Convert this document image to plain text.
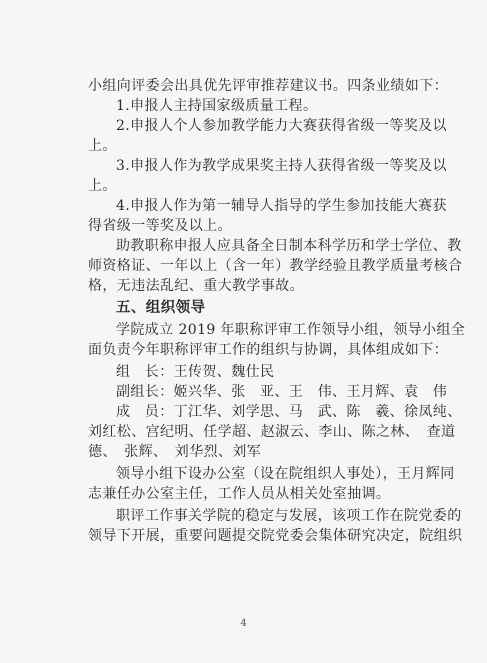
小组向评委会出具优先评审推荐建议书。四条业绩如下：
1.申报人主持国家级质量工程。
2.申报人个人参加教学能力大赛获得省级一等奖及以
上。
3.申报人作为教学成果奖主持人获得省级一等奖及以
上。
4.申报人作为第一辅导人指导的学生参加技能大赛获
得省级一等奖及以上。
助教职称申报人应具备全日制本科学历和学士学位、教
师资格证、一年以上（含一年）教学经验且教学质量考核合
格，无违法乱纪、重大教学事故。
五、组织领导
学院成立 2019 年职称评审工作领导小组，领导小组全
面负责今年职称评审工作的组织与协调，具体组成如下：
组　长：王传贺、魏仕民
副组长：姬兴华、张　亚、王　伟、王月辉、袁　伟
成　员：丁江华、刘学思、马　武、陈　羲、徐凤纯、
刘红松、宫纪明、任学超、赵淑云、李山、陈之林、　查道
德、　张辉、　刘华烈、刘军
领导小组下设办公室（设在院组织人事处），王月辉同
志兼任办公室主任，工作人员从相关处室抽调。
职评工作事关学院的稳定与发展，该项工作在院党委的
领导下开展，重要问题提交院党委会集体研究决定，院组织
4
